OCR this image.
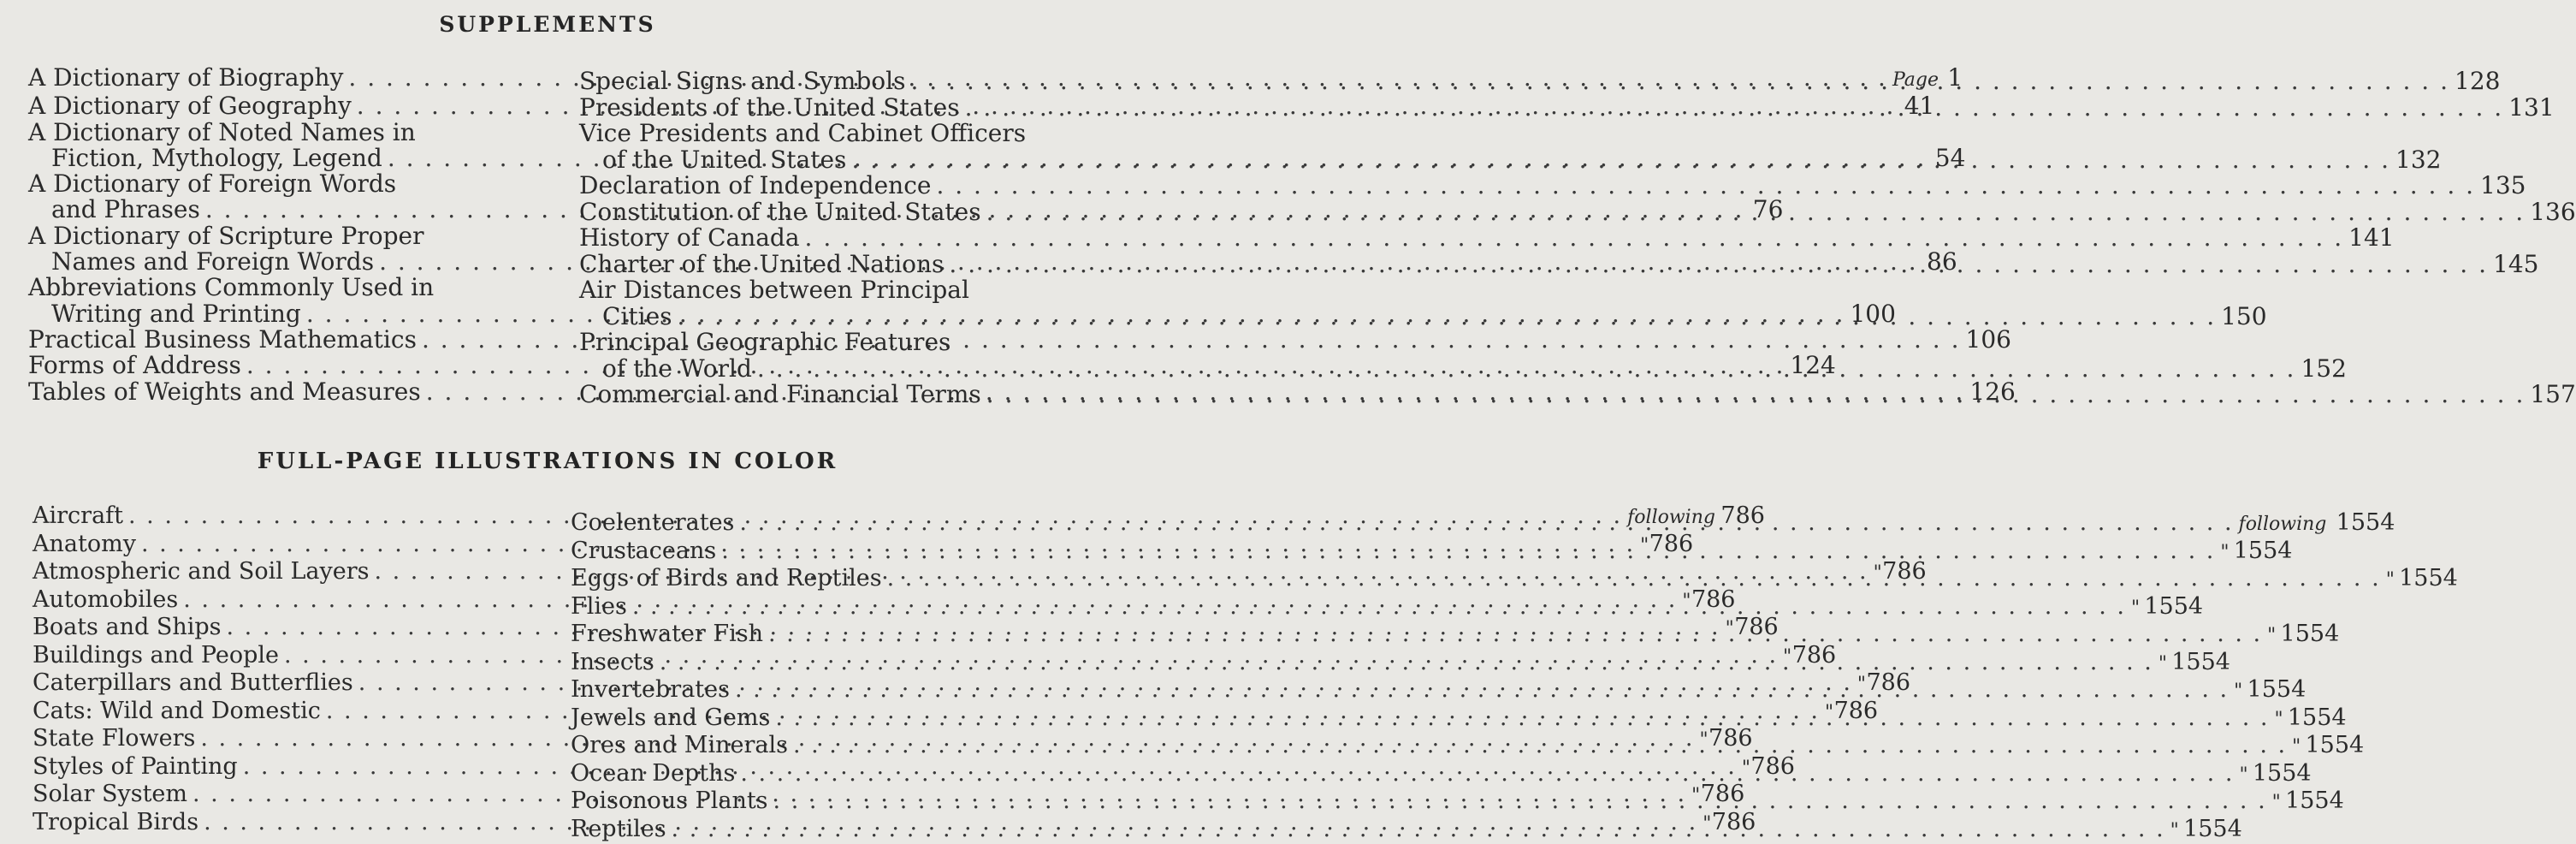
SUPPLEMENTS
A Dictionary of Biography . . .	Page 1
A Dictionary of Geography . . .	41
A Dictionary of Noted Names in
Fiction, Mythology, Legend . . .	54
A Dictionary of Foreign Words
and Phrases . . .	76
A Dictionary of Scripture Proper
Names and Foreign Words . . .	86
Abbreviations Commonly Used in
Writing and Printing . . .	100
Practical Business Mathematics . . .	106
Forms of Address . . .	124
Tables of Weights and Measures . . .	126
Special Signs and Symbols . . .	128
Presidents of the United States . . .	131
Vice Presidents and Cabinet Officers
of the United States . . .	132
Declaration of Independence . . .	135
Constitution of the United States . . .	136
History of Canada . . .	141
Charter of the United Nations . . .	145
Air Distances between Principal
Cities . . .	150
Principal Geographic Features
of the World . . .	152
Commercial and Financial Terms . . .	157
FULL-PAGE ILLUSTRATIONS IN COLOR
Aircraft . . .	following 786
Anatomy . . .	" 786
Atmospheric and Soil Layers . . .	" 786
Automobiles . . .	" 786
Boats and Ships . . .	" 786
Buildings and People . . .	" 786
Caterpillars and Butterflies . . .	" 786
Cats: Wild and Domestic . . .	" 786
State Flowers . . .	" 786
Styles of Painting . . .	" 786
Solar System . . .	" 786
Tropical Birds . . .	" 786
Coelenterates . . .	following 1554
Crustaceans . . .	" 1554
Eggs of Birds and Reptiles . . .	" 1554
Flies . . .	" 1554
Freshwater Fish . . .	" 1554
Insects . . .	" 1554
Invertebrates . . .	" 1554
Jewels and Gems . . .	" 1554
Ores and Minerals . . .	" 1554
Ocean Depths . . .	" 1554
Poisonous Plants . . .	" 1554
Reptiles . . .	" 1554
